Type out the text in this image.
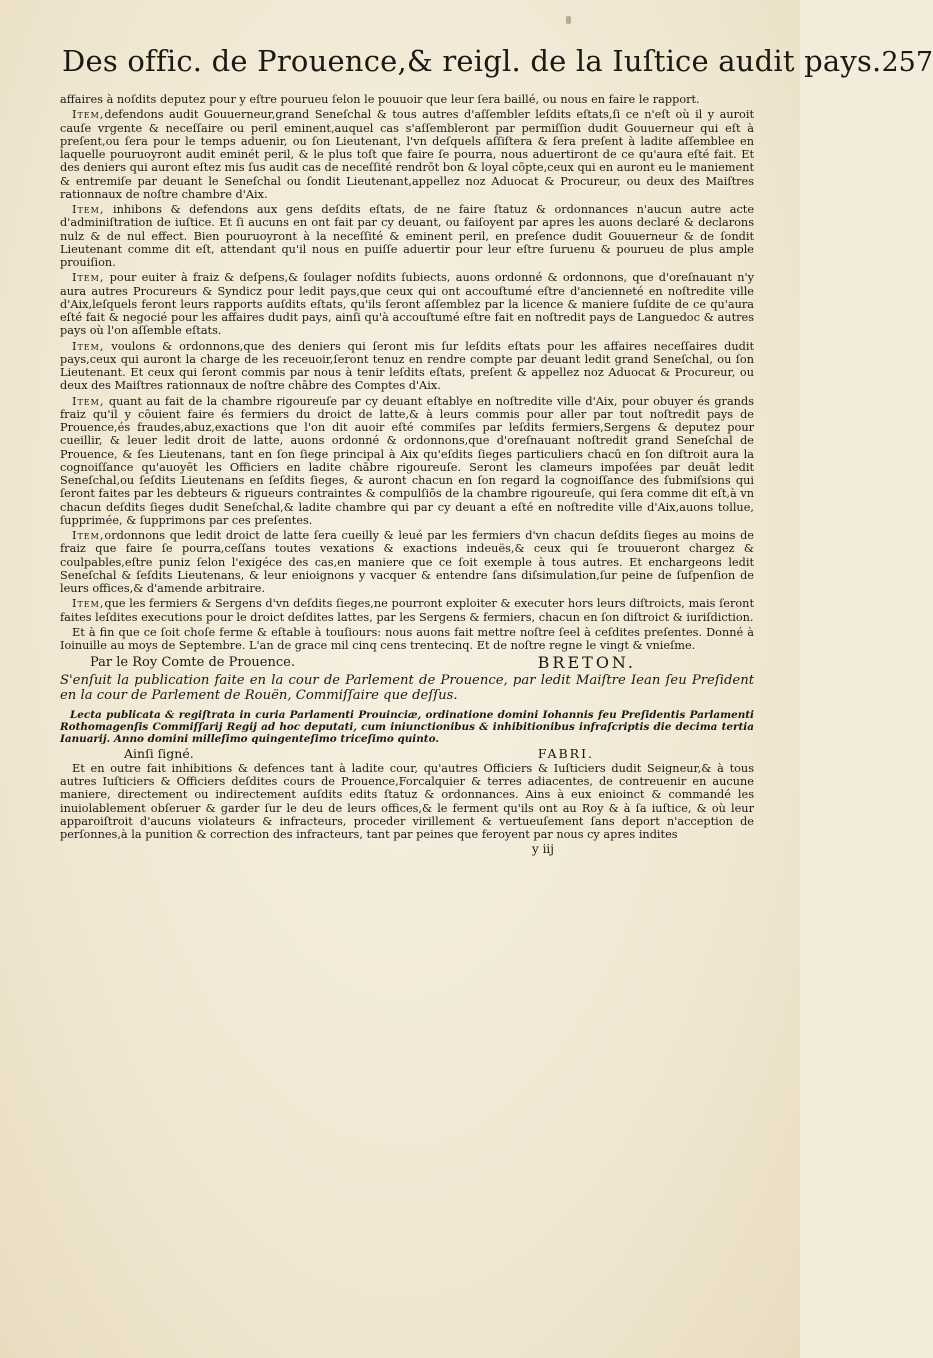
Des offic. de Prouence,& reigl. de la Iuſtice audit pays. 257

affaires à noſdits deputez pour y eſtre pourueu ſelon le pouuoir que leur ſera baillé, ou nous en faire le rapport.

Item,defendons audit Gouuerneur,grand Seneſchal & tous autres d'aſſembler leſdits eſtats,ſi ce n'eſt où il y auroit cauſe vrgente & neceſſaire ou peril eminent,auquel cas s'aſſembleront par permiſſion dudit Gouuerneur qui eſt à preſent,ou ſera pour le temps aduenir, ou ſon Lieutenant, l'vn deſquels aſſiſtera & ſera preſent à ladite aſſemblee en laquelle pouruoyront audit eminét peril, & le plus toſt que faire ſe pourra, nous aduertiront de ce qu'aura eſté fait. Et des deniers qui auront eſtez mis ſus audit cas de neceſſité rendrōt bon & loyal cōpte,ceux qui en auront eu le maniement & entremiſe par deuant le Seneſchal ou ſondit Lieutenant,appellez noz Aduocat & Procureur, ou deux des Maiſtres rationnaux de noſtre chambre d'Aix.

Item, inhibons & defendons aux gens deſdits eſtats, de ne faire ſtatuz & ordonnances n'aucun autre acte d'adminiſtration de iuſtice. Et ſi aucuns en ont fait par cy deuant, ou faiſoyent par apres les auons declaré & declarons nulz & de nul effect. Bien pouruoyront à la neceſſité & eminent peril, en preſence dudit Gouuerneur & de ſondit Lieutenant comme dit eſt, attendant qu'il nous en puiſſe aduertir pour leur eſtre ſuruenu & pourueu de plus ample prouiſion.

Item, pour euiter à fraiz & deſpens,& ſoulager noſdits ſubiects, auons ordonné & ordonnons, que d'oreſnauant n'y aura autres Procureurs & Syndicz pour ledit pays,que ceux qui ont accouſtumé eſtre d'ancienneté en noſtredite ville d'Aix,leſquels feront leurs rapports auſdits eſtats, qu'ils ſeront aſſemblez par la licence & maniere ſuſdite de ce qu'aura eſté fait & negocié pour les affaires dudit pays, ainſi qu'à accouſtumé eſtre fait en noſtredit pays de Languedoc & autres pays où l'on aſſemble eſtats.

Item, voulons & ordonnons,que des deniers qui ſeront mis ſur leſdits eſtats pour les affaires neceſſaires dudit pays,ceux qui auront la charge de les receuoir,ſeront tenuz en rendre compte par deuant ledit grand Seneſchal, ou ſon Lieutenant. Et ceux qui ſeront commis par nous à tenir leſdits eſtats, preſent & appellez noz Aduocat & Procureur, ou deux des Maiſtres rationnaux de noſtre chābre des Comptes d'Aix.

Item, quant au fait de la chambre rigoureuſe par cy deuant eſtablye en noſtredite ville d'Aix, pour obuyer és grands fraiz qu'il y cōuient faire és fermiers du droict de latte,& à leurs commis pour aller par tout noſtredit pays de Prouence,és fraudes,abuz,exactions que l'on dit auoir eſté commiſes par leſdits fermiers,Sergens & deputez pour cueillir, & leuer ledit droit de latte, auons ordonné & ordonnons,que d'oreſnauant noſtredit grand Seneſchal de Prouence, & ſes Lieutenans, tant en ſon ſiege principal à Aix qu'eſdits ſieges particuliers chacū en ſon diſtroit aura la cognoiſſance qu'auoyēt les Officiers en ladite chābre rigoureuſe. Seront les clameurs impoſées par deuāt ledit Seneſchal,ou ſeſdits Lieutenans en ſeſdits ſieges, & auront chacun en ſon regard la cognoiſſance des ſubmiſsions qui ſeront faites par les debteurs & rigueurs contraintes & compulſiōs de la chambre rigoureuſe, qui ſera comme dit eſt,à vn chacun deſdits ſieges dudit Seneſchal,& ladite chambre qui par cy deuant a eſté en noſtredite ville d'Aix,auons tollue, ſupprimée, & ſupprimons par ces preſentes.

Item,ordonnons que ledit droict de latte ſera cueilly & leué par les fermiers d'vn chacun deſdits ſieges au moins de fraiz que faire ſe pourra,ceſſans toutes vexations & exactions indeuës,& ceux qui ſe trouueront chargez & coulpables,eſtre puniz ſelon l'exigéce des cas,en maniere que ce ſoit exemple à tous autres. Et enchargeons ledit Seneſchal & ſeſdits Lieutenans, & leur enioignons y vacquer & entendre ſans diſsimulation,ſur peine de ſuſpenſion de leurs offices,& d'amende arbitraire.

Item,que les fermiers & Sergens d'vn deſdits ſieges,ne pourront exploiter & executer hors leurs diſtroicts, mais ſeront faites leſdites executions pour le droict deſdites lattes, par les Sergens & fermiers, chacun en ſon diſtroict & iuriſdiction.

Et à fin que ce ſoit choſe ferme & eſtable à touſiours: nous auons fait mettre noſtre ſeel à ceſdites preſentes. Donné à Ioinuille au moys de Septembre. L'an de grace mil cinq cens trentecinq. Et de noſtre regne le vingt & vnieſme.

Par le Roy Comte de Prouence.	BRETON.

S'enſuit la publication faite en la cour de Parlement de Prouence, par ledit Maiſtre Iean ſeu Preſident en la cour de Parlement de Rouën, Commiſſaire que deſſus.

Lecta publicata & regiſtrata in curia Parlamenti Prouinciæ, ordinatione domini Iohannis feu Preſidentis Parlamenti Rothomagenſis Commiſſarij Regij ad hoc deputati, cum iniunctionibus & inhibitionibus infraſcriptis die decima tertia Ianuarij. Anno domini milleſimo quingenteſimo triceſimo quinto.

Ainſi ſigné.	FABRI.

Et en outre fait inhibitions & defences tant à ladite cour, qu'autres Officiers & Iuſticiers dudit Seigneur,& à tous autres Iuſticiers & Officiers deſdites cours de Prouence,Forcalquier & terres adiacentes, de contreuenir en aucune maniere, directement ou indirectement auſdits edits ſtatuz & ordonnances. Ains à eux enioinct & commandé les inuiolablement obſeruer & garder ſur le deu de leurs offices,& le ferment qu'ils ont au Roy & à ſa iuſtice, & où leur apparoiſtroit d'aucuns violateurs & infracteurs, proceder virillement & vertueuſement ſans deport n'acception de perſonnes,à la punition & correction des infracteurs, tant par peines que feroyent par nous cy apres indites

y iij
